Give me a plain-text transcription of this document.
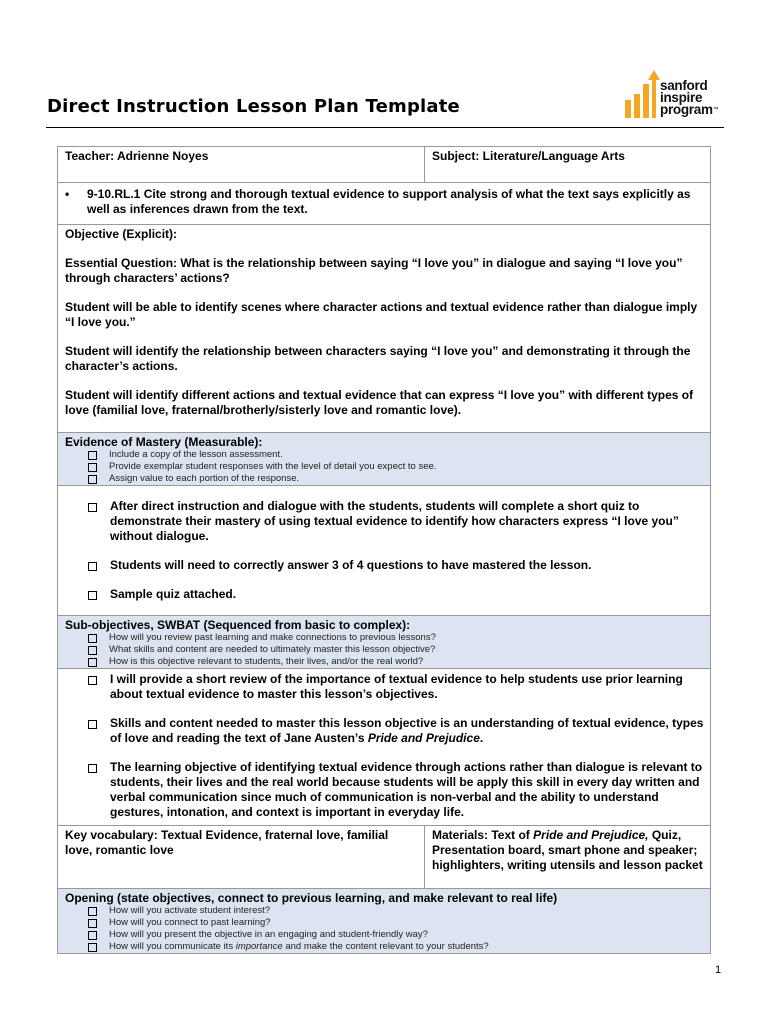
Direct Instruction Lesson Plan Template
sanford
inspire
program™
Teacher: Adrienne Noyes	Subject: Literature/Language Arts
•	9-10.RL.1 Cite strong and thorough textual evidence to support analysis of what the text says explicitly as well as inferences drawn from the text.

Objective (Explicit):

Essential Question: What is the relationship between saying “I love you” in dialogue and saying “I love you” through characters’ actions?

Student will be able to identify scenes where character actions and textual evidence rather than dialogue imply “I love you.”

Student will identify the relationship between characters saying “I love you” and demonstrating it through the character’s actions.

Student will identify different actions and textual evidence that can express “I love you” with different types of love (familial love, fraternal/brotherly/sisterly love and romantic love).

Evidence of Mastery (Measurable):
Include a copy of the lesson assessment.
Provide exemplar student responses with the level of detail you expect to see.
Assign value to each portion of the response.
After direct instruction and dialogue with the students, students will complete a short quiz to demonstrate their mastery of using textual evidence to identify how characters express “I love you” without dialogue.
Students will need to correctly answer 3 of 4 questions to have mastered the lesson.
Sample quiz attached.
Sub-objectives, SWBAT (Sequenced from basic to complex):
How will you review past learning and make connections to previous lessons?
What skills and content are needed to ultimately master this lesson objective?
How is this objective relevant to students, their lives, and/or the real world?
I will provide a short review of the importance of textual evidence to help students use prior learning about textual evidence to master this lesson’s objectives.
Skills and content needed to master this lesson objective is an understanding of textual evidence, types of love and reading the text of Jane Austen’s Pride and Prejudice.
The learning objective of identifying textual evidence through actions rather than dialogue is relevant to students, their lives and the real world because students will be apply this skill in every day written and verbal communication since much of communication is non-verbal and the ability to understand gestures, intonation, and context is important in everyday life.
Key vocabulary: Textual Evidence, fraternal love, familial love, romantic love
Materials: Text of Pride and Prejudice, Quiz, Presentation board, smart phone and speaker; highlighters, writing utensils and lesson packet
Opening (state objectives, connect to previous learning, and make relevant to real life)
How will you activate student interest?
How will you connect to past learning?
How will you present the objective in an engaging and student-friendly way?
How will you communicate its importance and make the content relevant to your students?
1
